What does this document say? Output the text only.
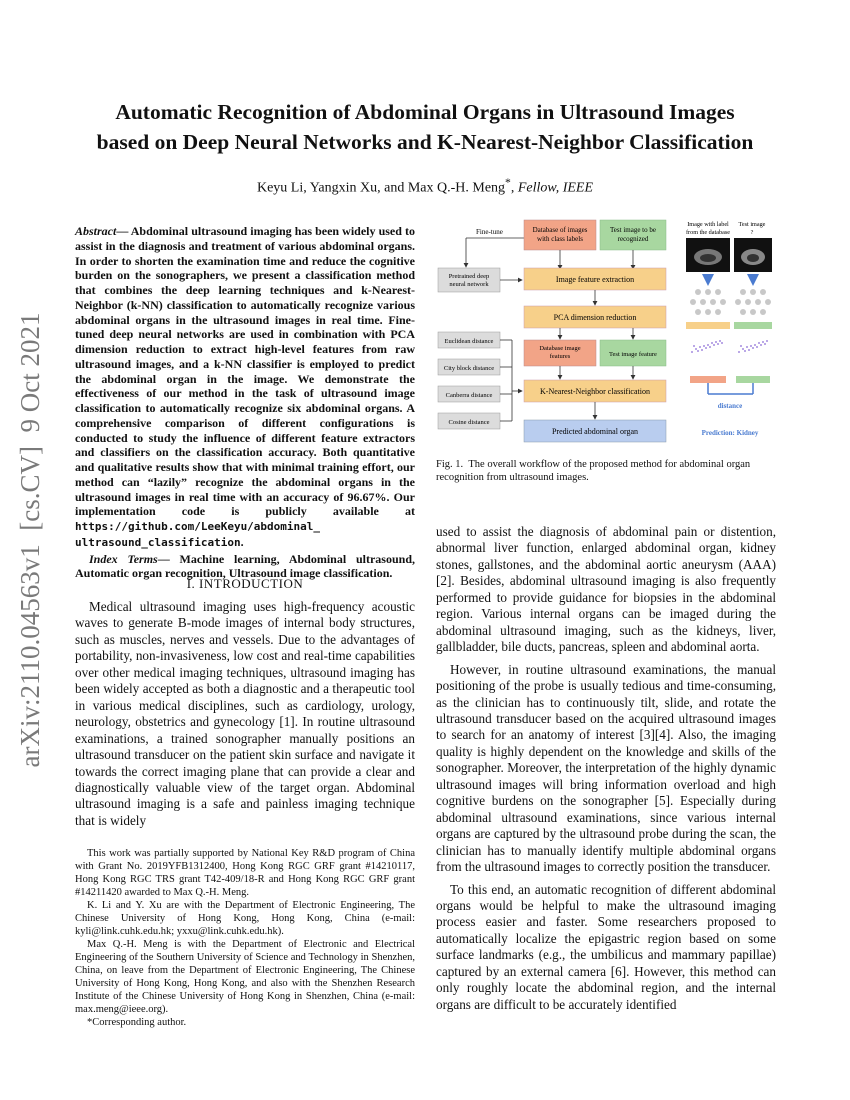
Automatic Recognition of Abdominal Organs in Ultrasound Images
based on Deep Neural Networks and K-Nearest-Neighbor Classification
Keyu Li, Yangxin Xu, and Max Q.-H. Meng*, Fellow, IEEE
arXiv:2110.04563v1  [cs.CV]  9 Oct 2021
Abstract— Abdominal ultrasound imaging has been widely used to assist in the diagnosis and treatment of various abdominal organs. In order to shorten the examination time and reduce the cognitive burden on the sonographers, we present a classification method that combines the deep learning techniques and k-Nearest-Neighbor (k-NN) classification to automatically recognize various abdominal organs in the ultrasound images in real time. Fine-tuned deep neural networks are used in combination with PCA dimension reduction to extract high-level features from raw ultrasound images, and a k-NN classifier is employed to predict the abdominal organ in the image. We demonstrate the effectiveness of our method in the task of ultrasound image classification to automatically recognize six abdominal organs. A comprehensive comparison of different configurations is conducted to study the influence of different feature extractors and classifiers on the classification accuracy. Both quantitative and qualitative results show that with minimal training effort, our method can “lazily” recognize the abdominal organs in the ultrasound images in real time with an accuracy of 96.67%. Our implementation code is publicly available at https://github.com/LeeKeyu/abdominal_ ultrasound_classification.
Index Terms— Machine learning, Abdominal ultrasound, Automatic organ recognition, Ultrasound image classification.
I. INTRODUCTION

Medical ultrasound imaging uses high-frequency acoustic waves to generate B-mode images of internal body structures, such as muscles, nerves and vessels. Due to the advantages of portability, non-invasiveness, low cost and real-time capabilities over other medical imaging techniques, ultrasound imaging has been widely accepted as both a diagnostic and a therapeutic tool in various medical disciplines, such as cardiology, urology, neurology, obstetrics and gynecology [1]. In routine ultrasound examinations, a trained sonographer manually positions an ultrasound transducer on the patient skin surface and navigate it towards the correct imaging plane that can provide a clear and diagnostically valuable view of the target organ. Abdominal ultrasound imaging is a safe and painless imaging technique that is widely

This work was partially supported by National Key R&D program of China with Grant No. 2019YFB1312400, Hong Kong RGC GRF grant #14210117, Hong Kong RGC TRS grant T42-409/18-R and Hong Kong RGC GRF grant #14211420 awarded to Max Q.-H. Meng.

K. Li and Y. Xu are with the Department of Electronic Engineering, The Chinese University of Hong Kong, Hong Kong, China (e-mail: kyli@link.cuhk.edu.hk; yxxu@link.cuhk.edu.hk).

Max Q.-H. Meng is with the Department of Electronic and Electrical Engineering of the Southern University of Science and Technology in Shenzhen, China, on leave from the Department of Electronic Engineering, The Chinese University of Hong Kong, Hong Kong, and also with the Shenzhen Research Institute of the Chinese University of Hong Kong in Shenzhen, China (e-mail: max.meng@ieee.org).

*Corresponding author.

Fine-tune	Database of images with class labels
Test image to be recognized
Pretrained deep neural network
Image feature extraction
PCA dimension reduction
Database image features	Test image feature
Euclidean distance
City block distance
Canberra distance
Cosine distance
K-Nearest-Neighbor classification
Predicted abdominal organ
Image with label from the database
Test image ?
distance
Prediction: Kidney
Fig. 1. The overall workflow of the proposed method for abdominal organ recognition from ultrasound images.

used to assist the diagnosis of abdominal pain or distention, abnormal liver function, enlarged abdominal organ, kidney stones, gallstones, and the abdominal aortic aneurysm (AAA) [2]. Besides, abdominal ultrasound imaging is also frequently performed to provide guidance for biopsies in the abdominal region. Various internal organs can be imaged during the abdominal ultrasound imaging, such as the kidneys, liver, gallbladder, bile ducts, pancreas, spleen and abdominal aorta.

However, in routine ultrasound examinations, the manual positioning of the probe is usually tedious and time-consuming, as the clinician has to continuously tilt, slide, and rotate the ultrasound transducer based on the acquired ultrasound images to search for an anatomy of interest [3][4]. Also, the imaging quality is highly dependent on the knowledge and skills of the sonographer. Moreover, the interpretation of the highly dynamic ultrasound images will bring information overload and high cognitive burdens on the sonographer [5]. Especially during abdominal ultrasound examinations, since various internal organs are captured by the ultrasound probe during the scan, the clinician has to manually identify multiple abdominal organs from the ultrasound images to correctly position the transducer.

To this end, an automatic recognition of different abdominal organs would be helpful to make the ultrasound imaging process easier and faster. Some researchers proposed to automatically localize the epigastric region based on some surface landmarks (e.g., the umbilicus and mammary papillae) captured by an external camera [6]. However, this method can only roughly locate the abdominal region, and the internal organs are difficult to be accurately identified
